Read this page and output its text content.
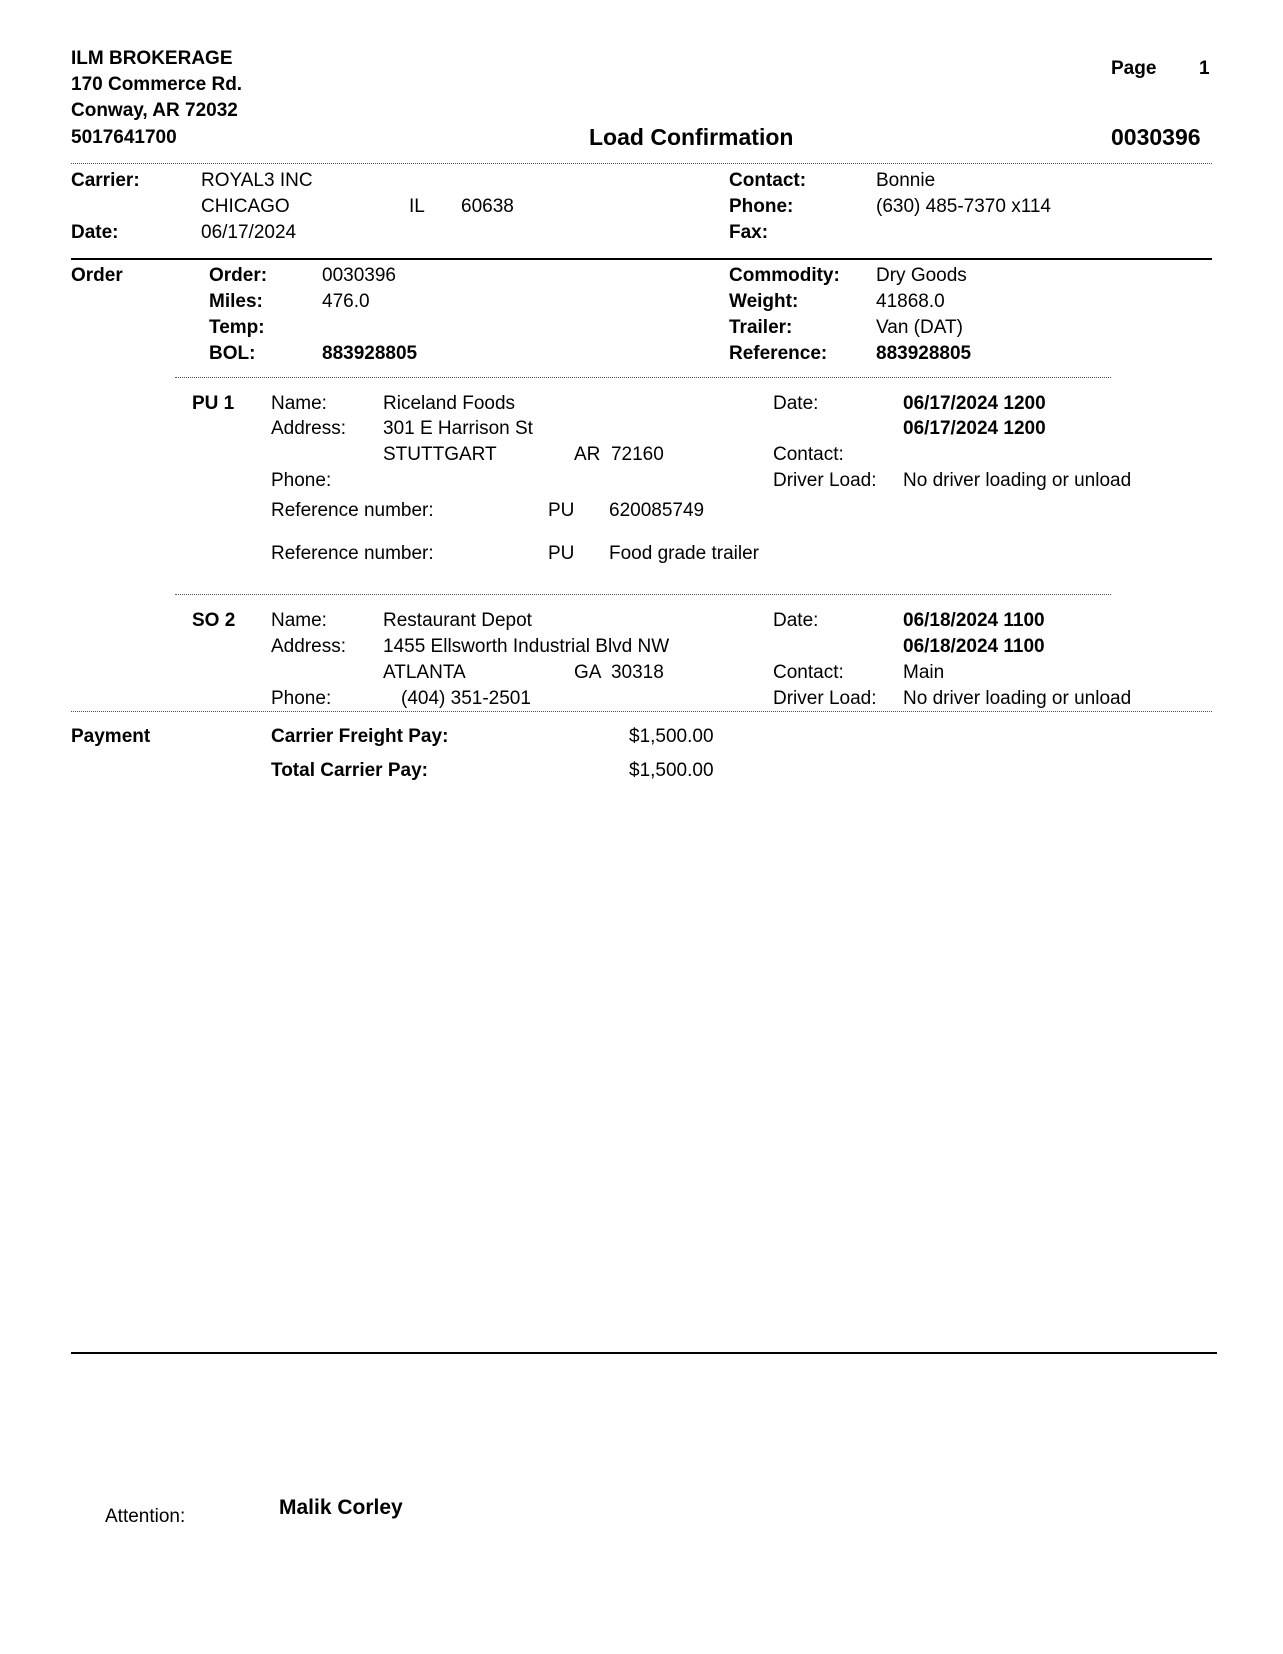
ILM BROKERAGE
170 Commerce Rd.
Conway, AR 72032
5017641700
Page 1
Load Confirmation	0030396
Carrier:	ROYAL3 INC
CHICAGO	IL 60638
Date:	06/17/2024
Contact:	Bonnie
Phone:	(630) 485-7370 x114
Fax:
Order	Order:	0030396
Miles:	476.0
Temp:
BOL:	883928805
Commodity: Dry Goods
Weight:	41868.0
Trailer:	Van (DAT)
Reference:	883928805
PU 1 Name:	Riceland Foods
Address: 301 E Harrison St
STUTTGART	AR  72160
Phone:
Date:	06/17/2024 1200
06/17/2024 1200
Contact:
Driver Load: No driver loading or unload
Reference number:	PU 620085749
Reference number:	PU Food grade trailer
SO 2 Name:	Restaurant Depot
Address: 1455 Ellsworth Industrial Blvd NW
ATLANTA	GA  30318
Phone:	(404) 351-2501
Date:	06/18/2024 1100
06/18/2024 1100
Contact:	Main
Driver Load: No driver loading or unload
Payment	Carrier Freight Pay:	$1,500.00
Total Carrier Pay:	$1,500.00
Attention:	Malik Corley
